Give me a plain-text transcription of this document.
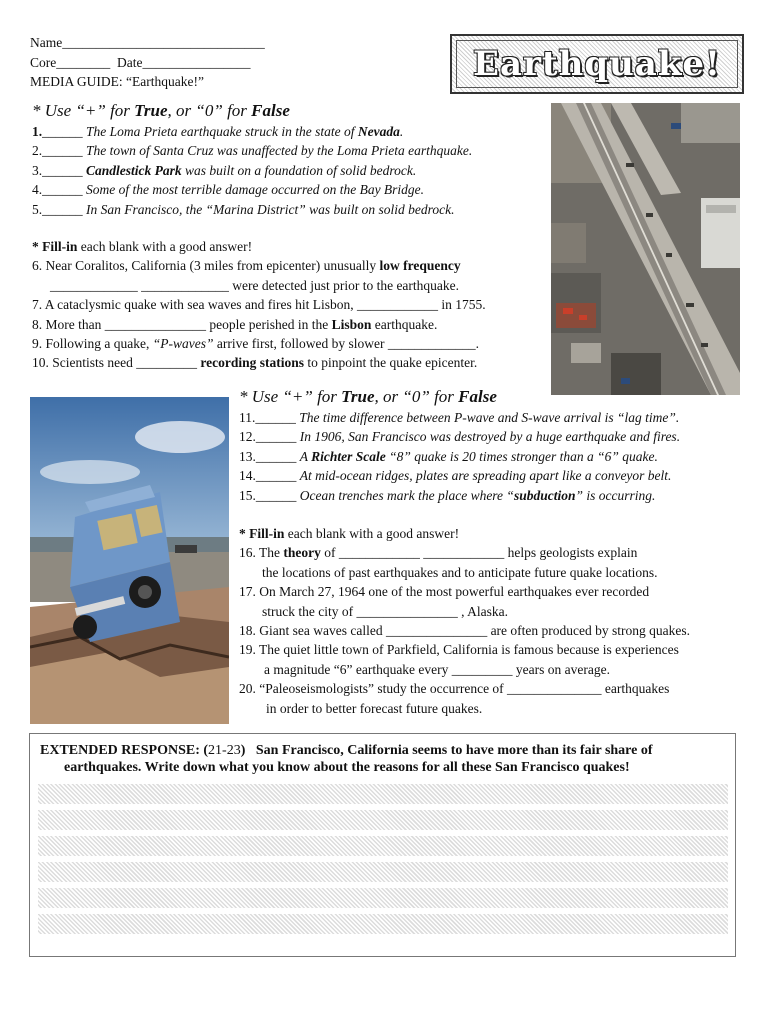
Name______________________________
Core________  Date________________
MEDIA GUIDE: “Earthquake!”	Earthquake!
* Use “+” for True, or “0” for False
1.______ The Loma Prieta earthquake struck in the state of Nevada.
2.______ The town of Santa Cruz was unaffected by the Loma Prieta earthquake.
3.______ Candlestick Park was built on a foundation of solid bedrock.
4.______ Some of the most terrible damage occurred on the Bay Bridge.
5.______ In San Francisco, the “Marina District” was built on solid bedrock.
* Fill-in each blank with a good answer!
6. Near Coralitos, California (3 miles from epicenter) unusually low frequency
_____________ _____________ were detected just prior to the earthquake.
7. A cataclysmic quake with sea waves and fires hit Lisbon, ____________ in 1755.
8. More than _______________ people perished in the Lisbon earthquake.
9. Following a quake, “P-waves” arrive first, followed by slower _____________.
10. Scientists need _________ recording stations to pinpoint the quake epicenter.
* Use “+” for True, or “0” for False
11.______ The time difference between P-wave and S-wave arrival is “lag time”.
12.______ In 1906, San Francisco was destroyed by a huge earthquake and fires.
13.______ A Richter Scale “8” quake is 20 times stronger than a “6” quake.
14.______ At mid-ocean ridges, plates are spreading apart like a conveyor belt.
15.______ Ocean trenches mark the place where “subduction” is occurring.
* Fill-in each blank with a good answer!
16. The theory of ____________ ____________ helps geologists explain
the locations of past earthquakes and to anticipate future quake locations.
17. On March 27, 1964 one of the most powerful earthquakes ever recorded
struck the city of _______________ , Alaska.
18. Giant sea waves called _______________ are often produced by strong quakes.
19. The quiet little town of Parkfield, California is famous because is experiences
a magnitude “6” earthquake every _________ years on average.
20. “Paleoseismologists” study the occurrence of ______________ earthquakes
in order to better forecast future quakes.
EXTENDED RESPONSE: (21-23) San Francisco, California seems to have more than its fair share of
earthquakes. Write down what you know about the reasons for all these San Francisco quakes!
